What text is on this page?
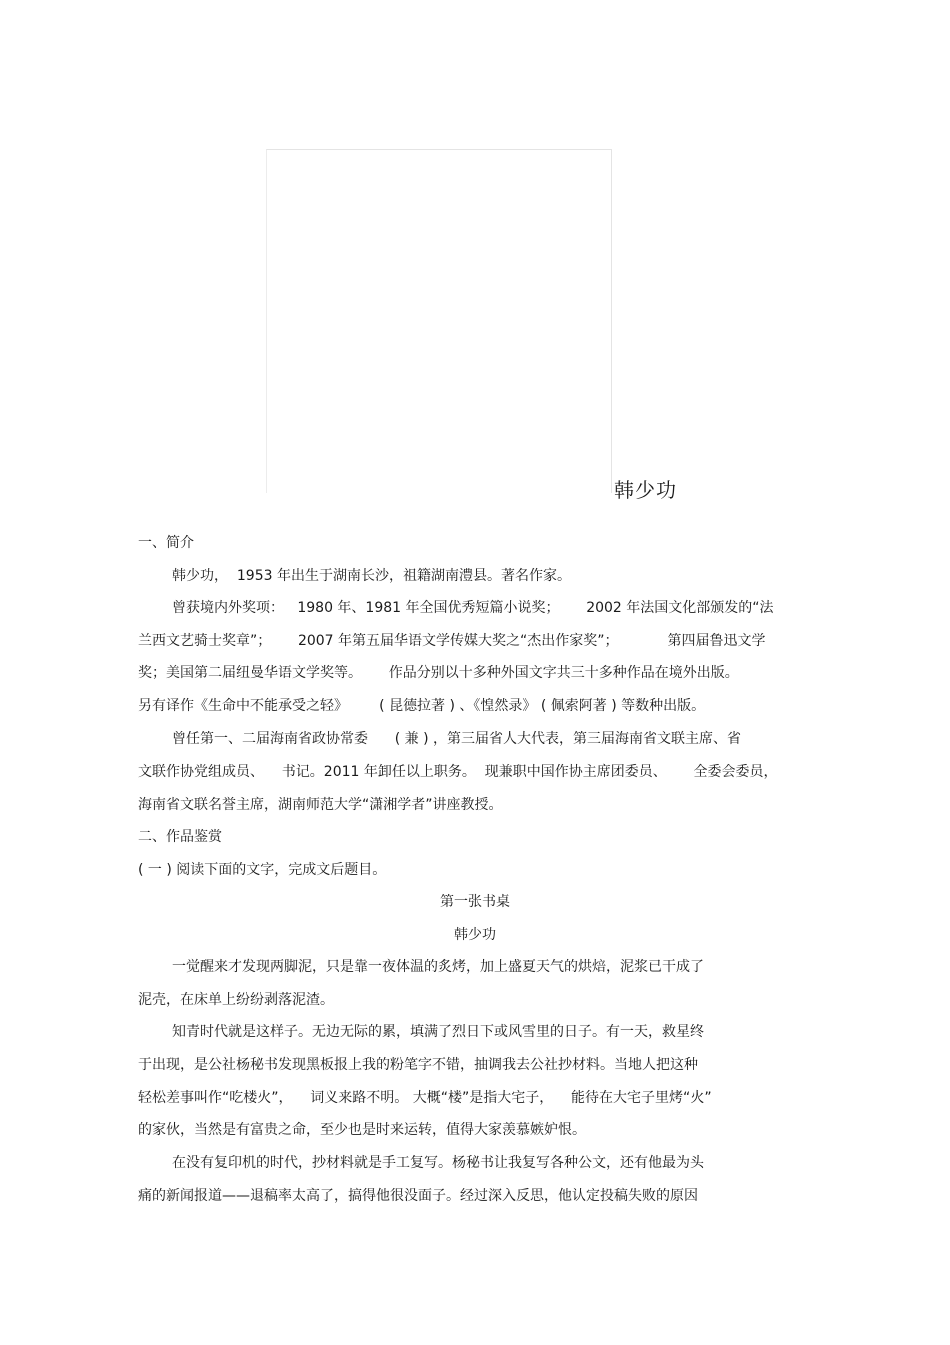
韩少功
一、简介
韩少功，  1953 年出生于湖南长沙，祖籍湖南澧县。著名作家。
曾获境内外奖项：   1980 年、1981 年全国优秀短篇小说奖；      2002 年法国文化部颁发的“法
兰西文艺骑士奖章”；      2007 年第五届华语文学传媒大奖之“杰出作家奖”；           第四届鲁迅文学
奖；美国第二届纽曼华语文学奖等。      作品分别以十多种外国文字共三十多种作品在境外出版。
另有译作《生命中不能承受之轻》       ( 昆德拉著 ) 、《惶然录》 ( 佩索阿著 ) 等数种出版。
曾任第一、二届海南省政协常委      ( 兼 ) ，第三届省人大代表，第三届海南省文联主席、省
文联作协党组成员、    书记。2011 年卸任以上职务。  现兼职中国作协主席团委员、      全委会委员，
海南省文联名誉主席，湖南师范大学“潇湘学者”讲座教授。
二、作品鉴赏
( 一 ) 阅读下面的文字，完成文后题目。
第一张书桌
韩少功
一觉醒来才发现两脚泥，只是靠一夜体温的炙烤，加上盛夏天气的烘焙，泥浆已干成了
泥壳，在床单上纷纷剥落泥渣。
知青时代就是这样子。无边无际的累，填满了烈日下或风雪里的日子。有一天，救星终
于出现，是公社杨秘书发现黑板报上我的粉笔字不错，抽调我去公社抄材料。当地人把这种
轻松差事叫作“吃楼火”，    词义来路不明。 大概“楼”是指大宅子，    能待在大宅子里烤“火”
的家伙，当然是有富贵之命，至少也是时来运转，值得大家羡慕嫉妒恨。
在没有复印机的时代，抄材料就是手工复写。杨秘书让我复写各种公文，还有他最为头
痛的新闻报道——退稿率太高了，搞得他很没面子。经过深入反思，他认定投稿失败的原因
